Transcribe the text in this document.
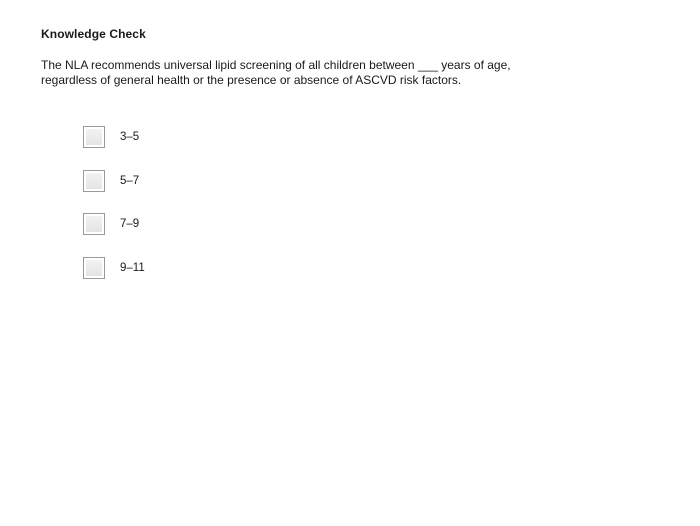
Knowledge Check

The NLA recommends universal lipid screening of all children between ___ years of age,
regardless of general health or the presence or absence of ASCVD risk factors.

3–5
5–7
7–9
9–11
